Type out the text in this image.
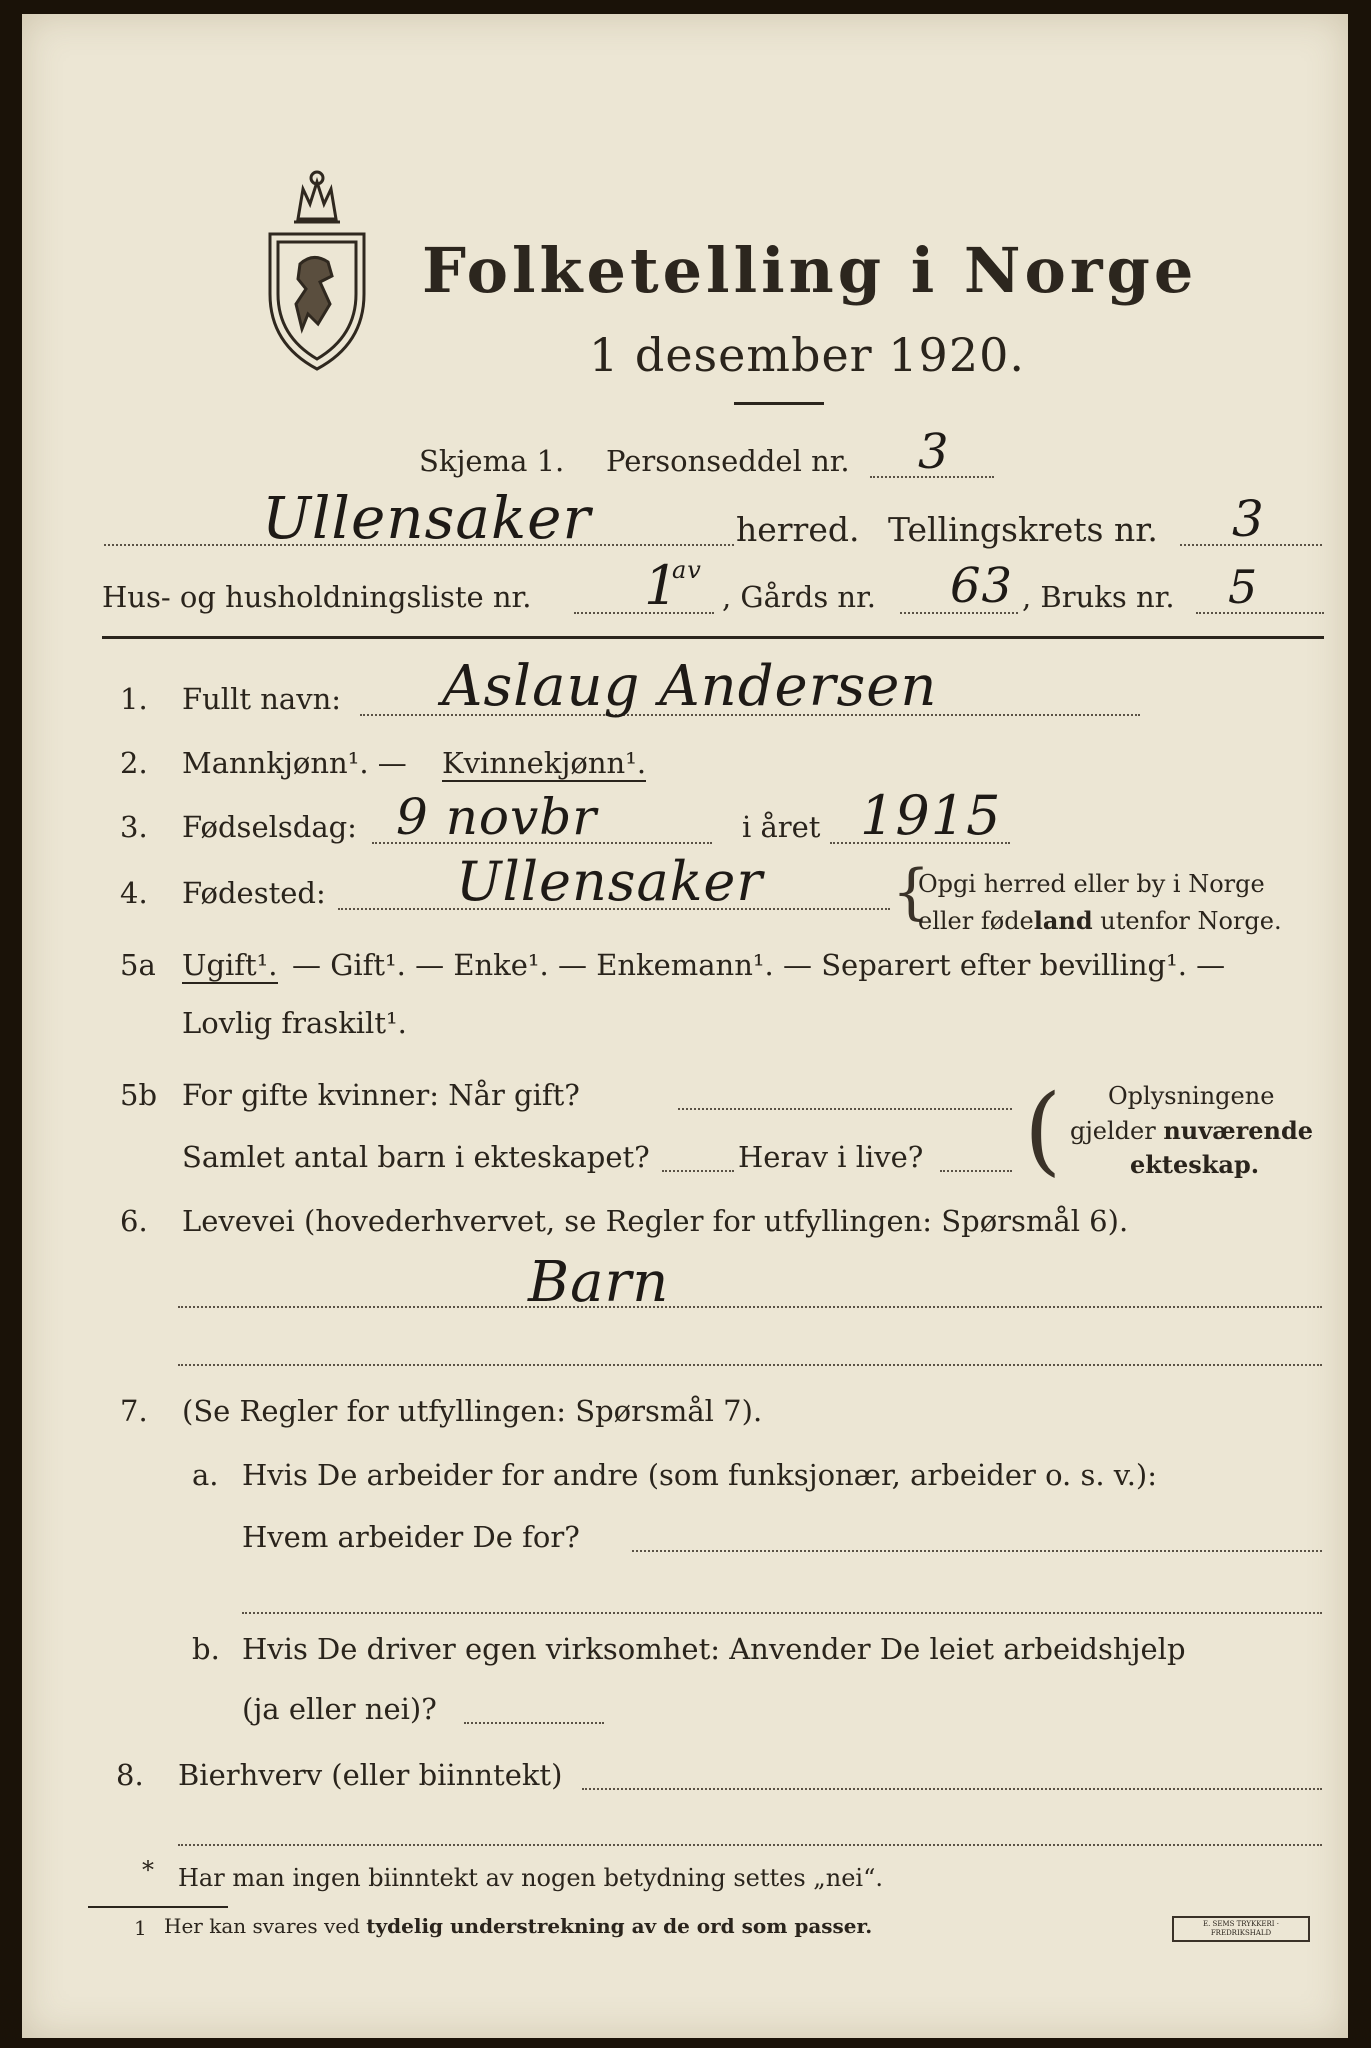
Folketelling i Norge
1 desember 1920.
Skjema 1. Personseddel nr. 3
Ullensaker	herred. Tellingskrets nr. 3
Hus- og husholdningsliste nr. 1
av
, Gårds nr. 63 , Bruks nr. 5
1. Fullt navn: Aslaug Andersen
2. Mannkjønn¹. — Kvinnekjønn¹.
3. Fødselsdag: 9 novbr	i året 1915
4. Fødested: Ullensaker {
Opgi herred eller by i Norge
eller fødeland utenfor Norge.
5a Ugift¹. — Gift¹. — Enke¹. — Enkemann¹. — Separert efter bevilling¹. —
Lovlig fraskilt¹.
5b For gifte kvinner: Når gift?
Samlet antal barn i ekteskapet?	Herav i live? ( Oplysningene
gjelder nuværende
ekteskap.
6. Levevei (hovederhvervet, se Regler for utfyllingen: Spørsmål 6).
Barn
7. (Se Regler for utfyllingen: Spørsmål 7).
a. Hvis De arbeider for andre (som funksjonær, arbeider o. s. v.):
Hvem arbeider De for?
b. Hvis De driver egen virksomhet: Anvender De leiet arbeidshjelp
(ja eller nei)?
8. Bierhverv (eller biinntekt)
* Har man ingen biinntekt av nogen betydning settes „nei“.
1 Her kan svares ved tydelig understrekning av de ord som passer.	E. SEMS TRYKKERI · FREDRIKSHALD
